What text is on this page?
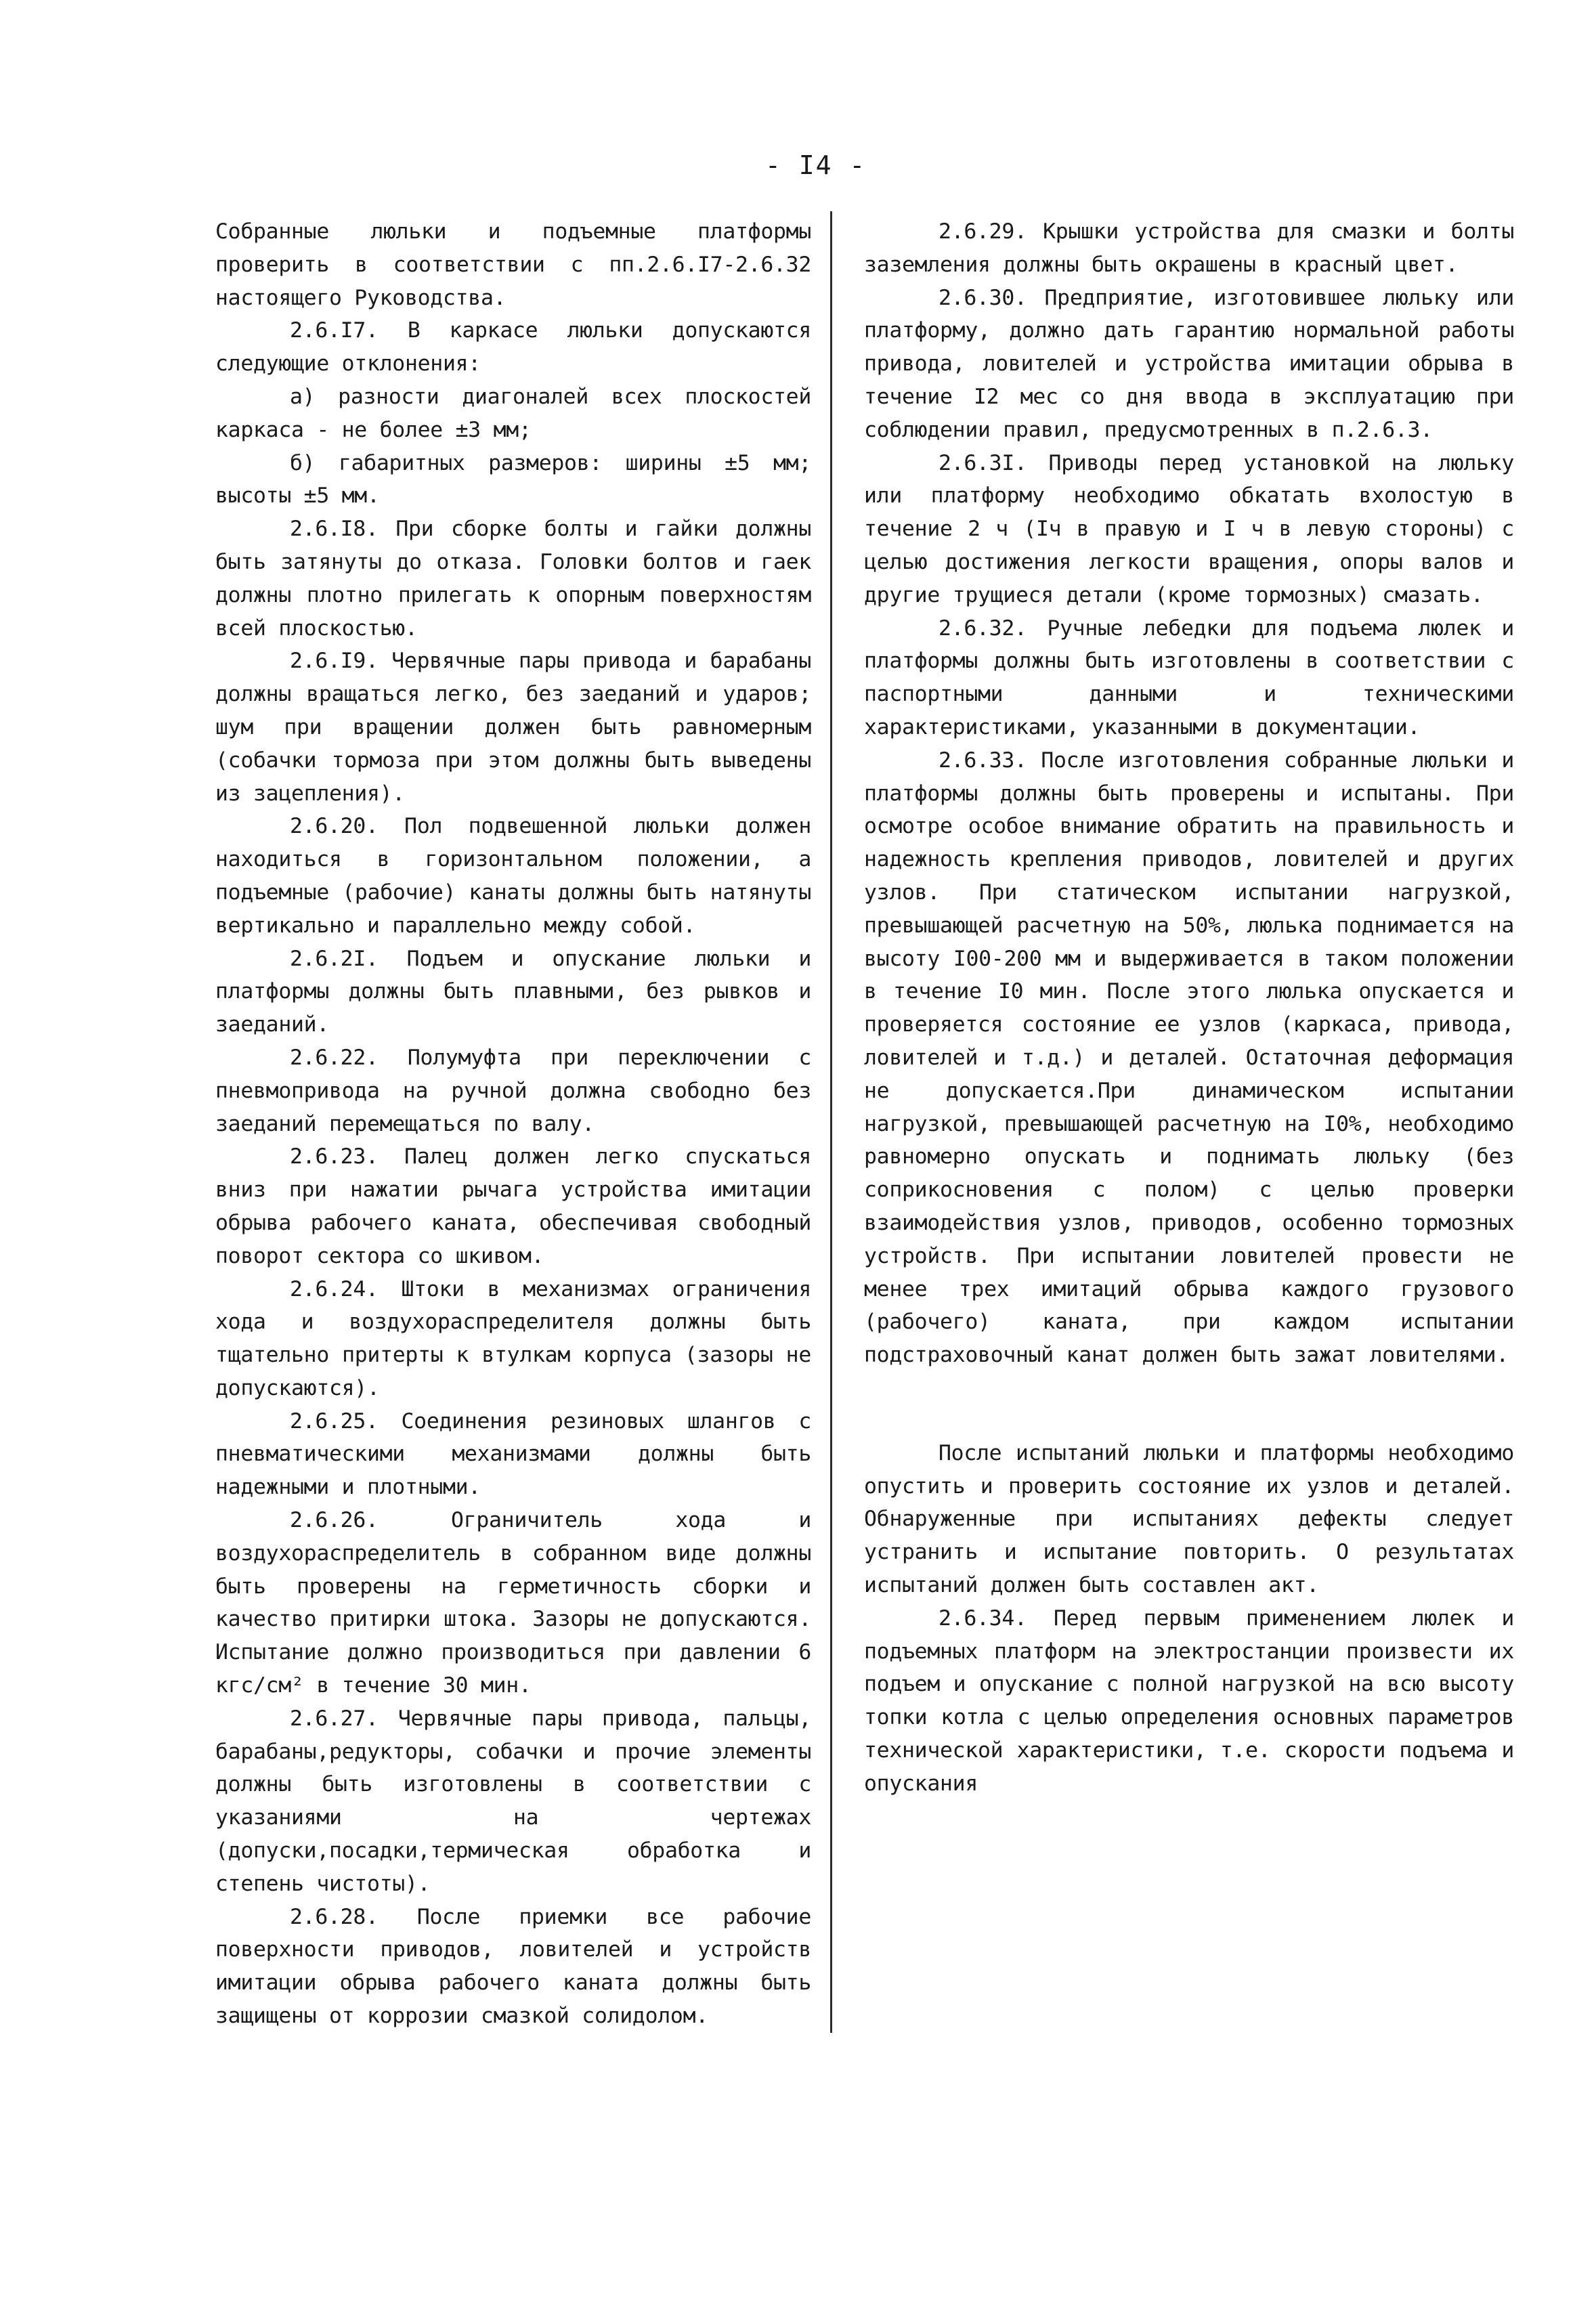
- I4 -

Собранные люльки и подъемные платформы проверить в соответствии с пп.2.6.I7-2.6.32 настоящего Руководства.

2.6.I7. В каркасе люльки допускаются следующие отклонения:

а) разности диагоналей всех плоскостей каркаса - не более ±3 мм;

б) габаритных размеров: ширины ±5 мм; высоты ±5 мм.

2.6.I8. При сборке болты и гайки должны быть затянуты до отказа. Головки болтов и гаек должны плотно прилегать к опорным поверхностям всей плоскостью.

2.6.I9. Червячные пары привода и барабаны должны вращаться легко, без заеданий и ударов; шум при вращении должен быть равномерным (собачки тормоза при этом должны быть выведены из зацепления).

2.6.20. Пол подвешенной люльки должен находиться в горизонтальном положении, а подъемные (рабочие) канаты должны быть натянуты вертикально и параллельно между собой.

2.6.2I. Подъем и опускание люльки и платформы должны быть плавными, без рывков и заеданий.

2.6.22. Полумуфта при переключении с пневмопривода на ручной должна свободно без заеданий перемещаться по валу.

2.6.23. Палец должен легко спускаться вниз при нажатии рычага устройства имитации обрыва рабочего каната, обеспечивая свободный поворот сектора со шкивом.

2.6.24. Штоки в механизмах ограничения хода и воздухораспределителя должны быть тщательно притерты к втулкам корпуса (зазоры не допускаются).

2.6.25. Соединения резиновых шлангов с пневматическими механизмами должны быть надежными и плотными.

2.6.26. Ограничитель хода и воздухораспределитель в собранном виде должны быть проверены на герметичность сборки и качество притирки штока. Зазоры не допускаются. Испытание должно производиться при давлении 6 кгс/см² в течение 30 мин.

2.6.27. Червячные пары привода, пальцы, барабаны,редукторы, собачки и прочие элементы должны быть изготовлены в соответствии с указаниями на чертежах (допуски,посадки,термическая обработка и степень чистоты).

2.6.28. После приемки все рабочие поверхности приводов, ловителей и устройств имитации обрыва рабочего каната должны быть защищены от коррозии смазкой солидолом.

2.6.29. Крышки устройства для смазки и болты заземления должны быть окрашены в красный цвет.

2.6.30. Предприятие, изготовившее люльку или платформу, должно дать гарантию нормальной работы привода, ловителей и устройства имитации обрыва в течение I2 мес со дня ввода в эксплуатацию при соблюдении правил, предусмотренных в п.2.6.3.

2.6.3I. Приводы перед установкой на люльку или платформу необходимо обкатать вхолостую в течение 2 ч (Iч в правую и I ч в левую стороны) с целью достижения легкости вращения, опоры валов и другие трущиеся детали (кроме тормозных) смазать.

2.6.32. Ручные лебедки для подъема люлек и платформы должны быть изготовлены в соответствии с паспортными данными и техническими характеристиками, указанными в документации.

2.6.33. После изготовления собранные люльки и платформы должны быть проверены и испытаны. При осмотре особое внимание обратить на правильность и надежность крепления приводов, ловителей и других узлов. При статическом испытании нагрузкой, превышающей расчетную на 50%, люлька поднимается на высоту I00-200 мм и выдерживается в таком положении в течение I0 мин. После этого люлька опускается и проверяется состояние ее узлов (каркаса, привода, ловителей и т.д.) и деталей. Остаточная деформация не допускается.При динамическом испытании нагрузкой, превышающей расчетную на I0%, необходимо равномерно опускать и поднимать люльку (без соприкосновения с полом) с целью проверки взаимодействия узлов, приводов, особенно тормозных устройств. При испытании ловителей провести не менее трех имитаций обрыва каждого грузового (рабочего) каната, при каждом испытании подстраховочный канат должен быть зажат ловителями.

После испытаний люльки и платформы необходимо опустить и проверить состояние их узлов и деталей. Обнаруженные при испытаниях дефекты следует устранить и испытание повторить. О результатах испытаний должен быть составлен акт.

2.6.34. Перед первым применением люлек и подъемных платформ на электростанции произвести их подъем и опускание с полной нагрузкой на всю высоту топки котла с целью определения основных параметров технической характеристики, т.е. скорости подъема и опускания
